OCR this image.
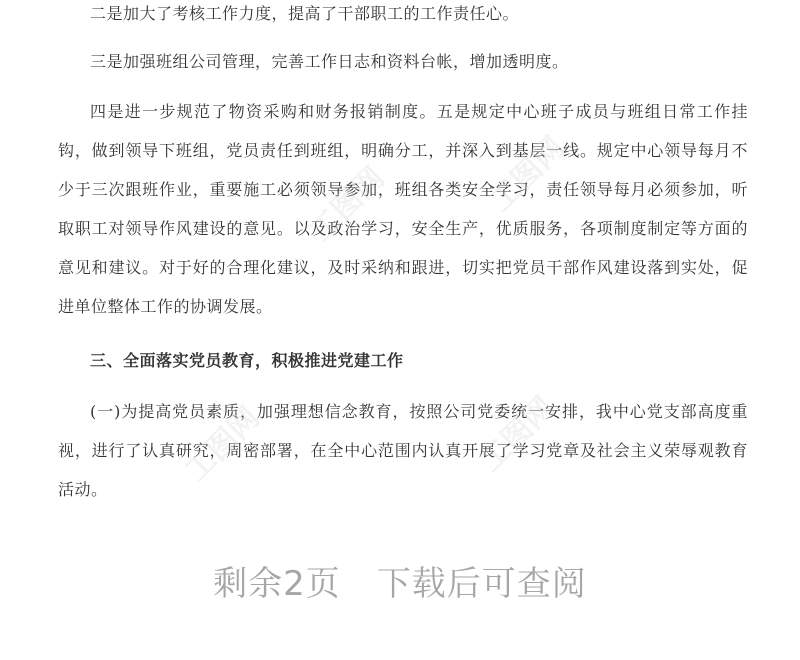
二是加大了考核工作力度，提高了干部职工的工作责任心。

三是加强班组公司管理，完善工作日志和资料台帐，增加透明度。

四是进一步规范了物资采购和财务报销制度。五是规定中心班子成员与班组日常工作挂钩，做到领导下班组，党员责任到班组，明确分工，并深入到基层一线。规定中心领导每月不少于三次跟班作业，重要施工必须领导参加，班组各类安全学习，责任领导每月必须参加，听取职工对领导作风建设的意见。以及政治学习，安全生产，优质服务，各项制度制定等方面的意见和建议。对于好的合理化建议，及时采纳和跟进，切实把党员干部作风建设落到实处，促进单位整体工作的协调发展。

三、全面落实党员教育，积极推进党建工作

(一)为提高党员素质，加强理想信念教育，按照公司党委统一安排，我中心党支部高度重视，进行了认真研究，周密部署，在全中心范围内认真开展了学习党章及社会主义荣辱观教育活动。

工图网
工图网	工图网
工图网
剩余2页 下载后可查阅
